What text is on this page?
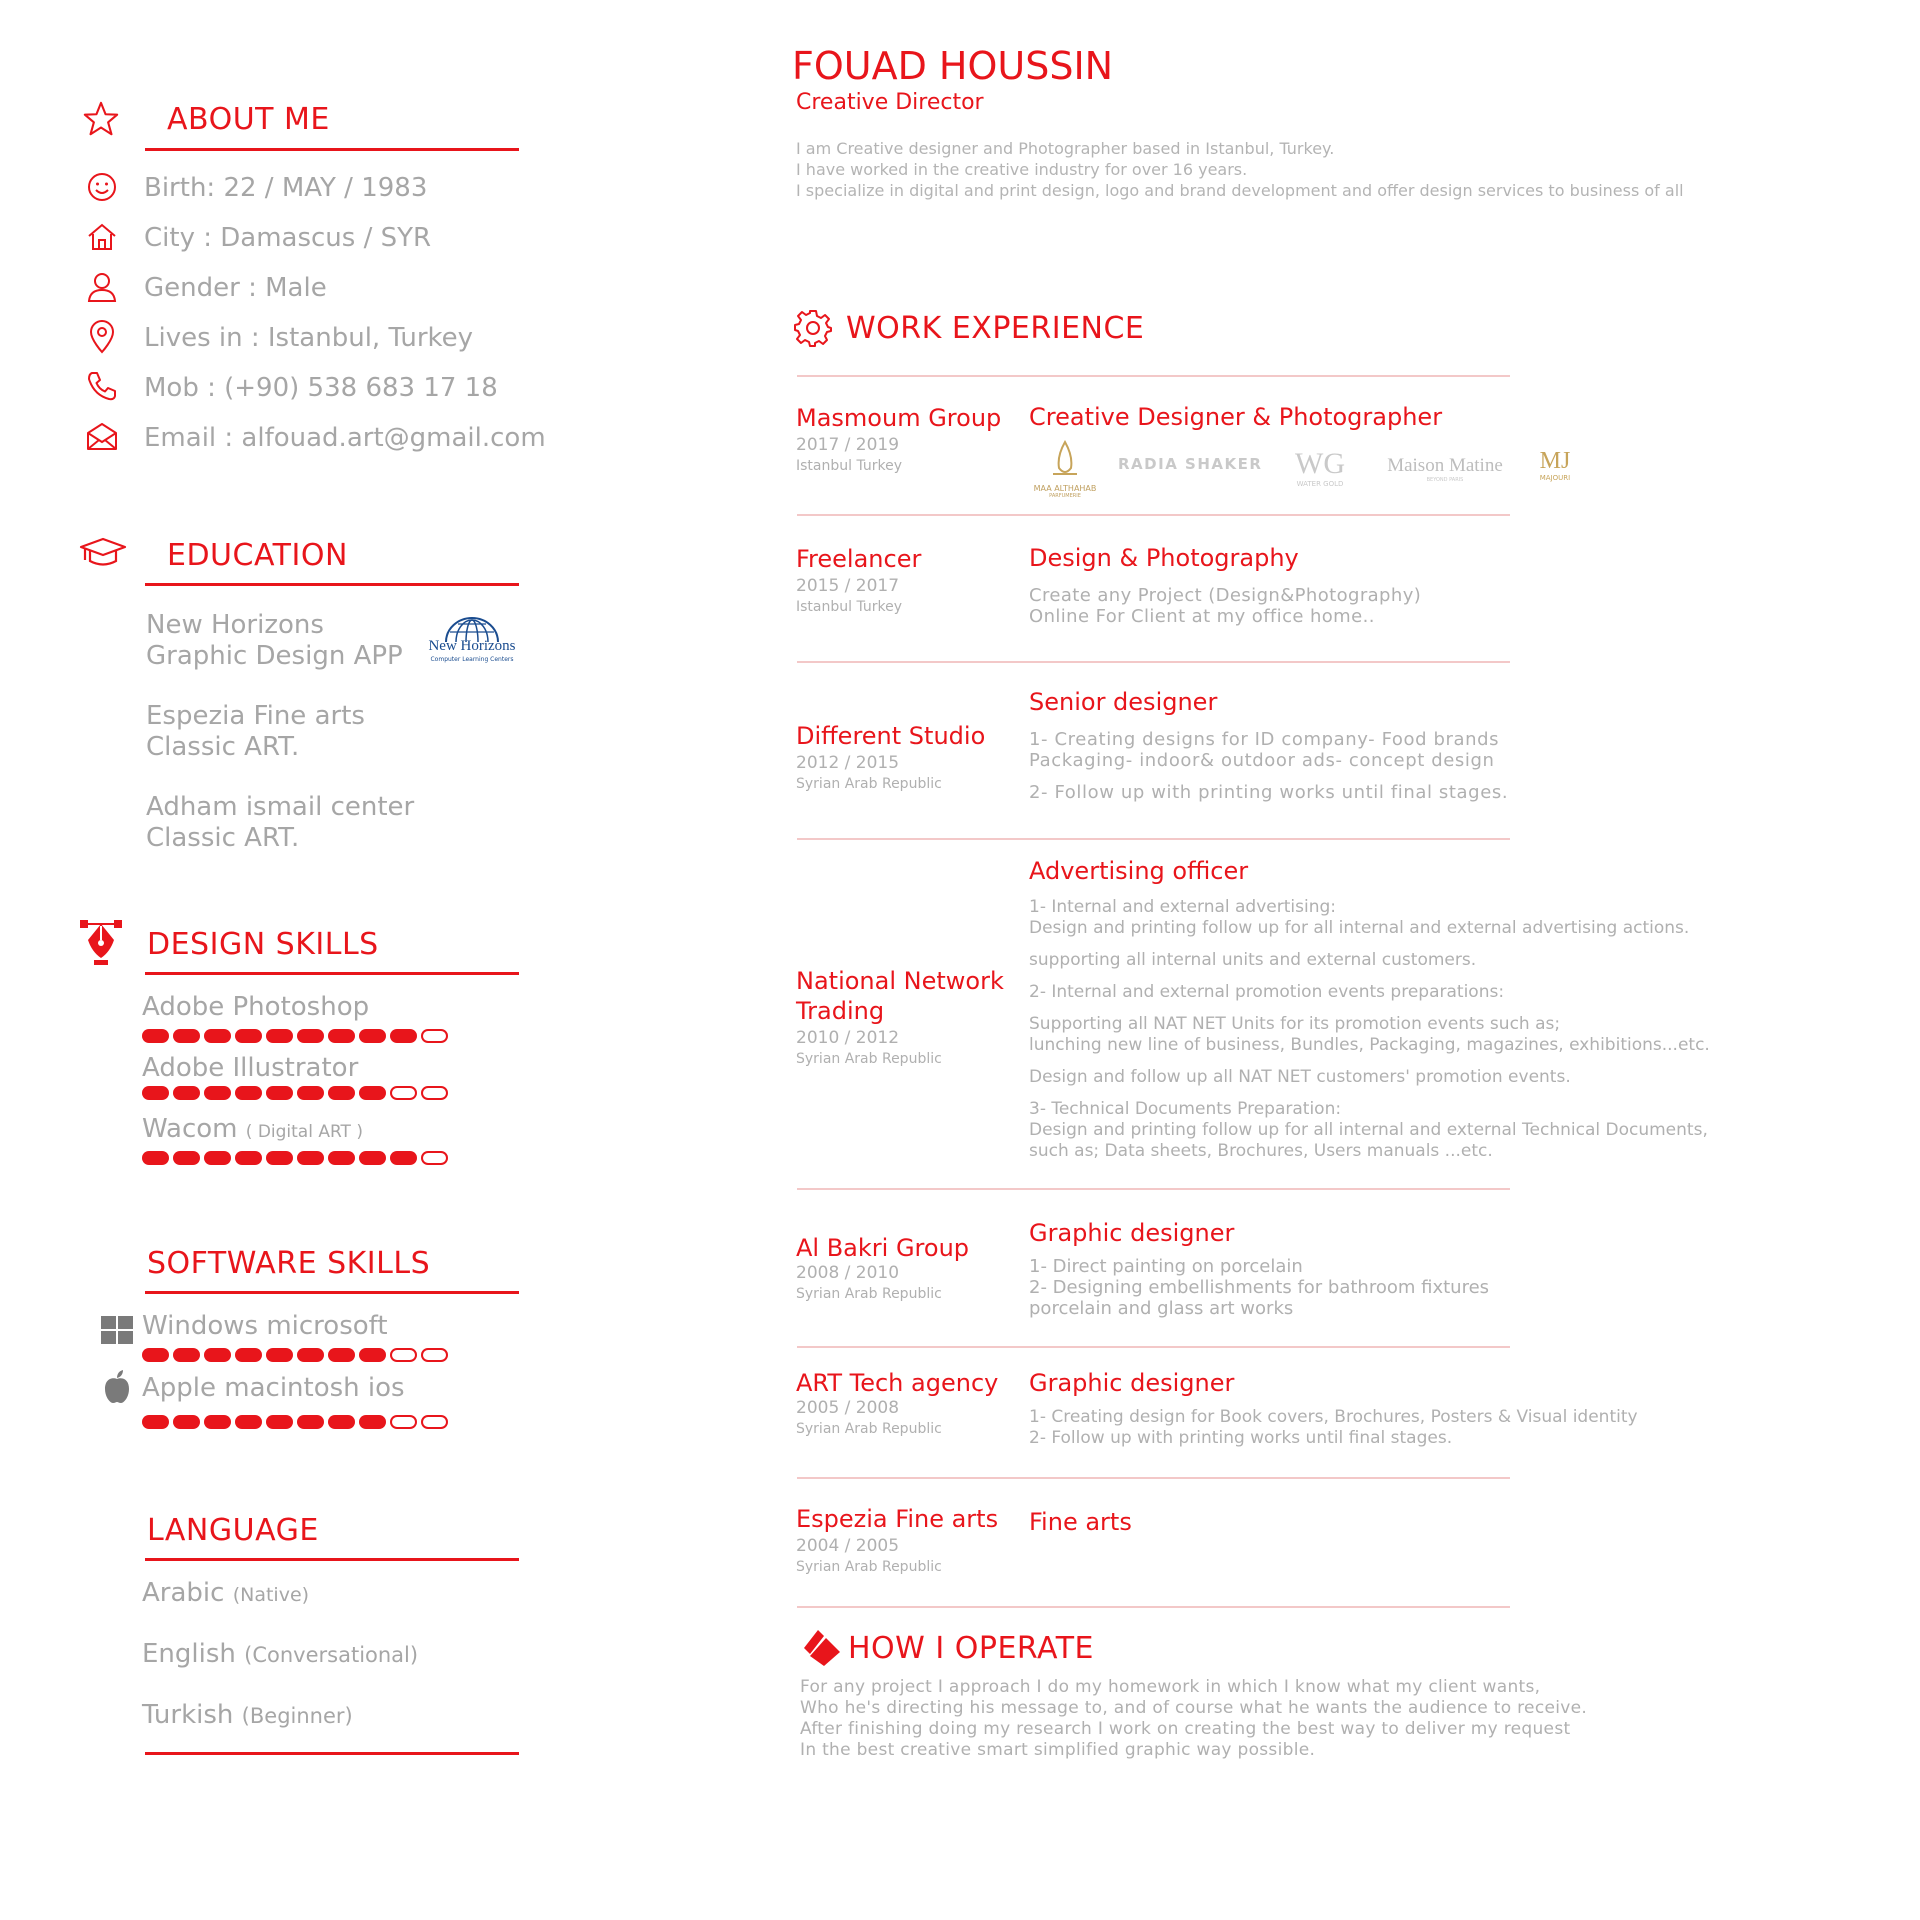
ABOUT ME
Birth: 22 / MAY / 1983
City : Damascus / SYR
Gender : Male
Lives in : Istanbul, Turkey
Mob : (+90) 538 683 17 18
Email : alfouad.art@gmail.com
EDUCATION
New Horizons
Graphic Design APP	New Horizons
Computer Learning Centers
Espezia Fine arts
Classic ART.
Adham ismail center
Classic ART.
DESIGN SKILLS
Adobe Photoshop
Adobe Illustrator
Wacom ( Digital ART )
SOFTWARE SKILLS
Windows microsoft
Apple macintosh ios
LANGUAGE
Arabic (Native)
English (Conversational)
Turkish (Beginner)
FOUAD HOUSSIN
Creative Director
I am Creative designer and Photographer based in Istanbul, Turkey.
I have worked in the creative industry for over 16 years.
I specialize in digital and print design, logo and brand development and offer design services to business of all
WORK EXPERIENCE
Masmoum Group
2017 / 2019
Istanbul Turkey
Creative Designer & Photographer
MAA ALTHAHAB
PARFUMERIE
RADIA SHAKER	WG
WATER GOLD
Maison Matine
BEYOND PARIS
MJ
MAJOURI
Freelancer
2015 / 2017
Istanbul Turkey
Design & Photography
Create any Project (Design&Photography)
Online For Client at my office home..
Senior designer
1- Creating designs for ID company- Food brands
Packaging- indoor& outdoor ads- concept design
2- Follow up with printing works until final stages.
Different Studio
2012 / 2015
Syrian Arab Republic
Advertising officer
1- Internal and external advertising:
Design and printing follow up for all internal and external advertising actions.
supporting all internal units and external customers.
2- Internal and external promotion events preparations:
Supporting all NAT NET Units for its promotion events such as;
lunching new line of business, Bundles, Packaging, magazines, exhibitions...etc.
Design and follow up all NAT NET customers' promotion events.
3- Technical Documents Preparation:
Design and printing follow up for all internal and external Technical Documents,
such as; Data sheets, Brochures, Users manuals ...etc.
National Network Trading
2010 / 2012
Syrian Arab Republic
Al Bakri Group
2008 / 2010
Syrian Arab Republic
Graphic designer
1- Direct painting on porcelain
2- Designing embellishments for bathroom fixtures
porcelain and glass art works
ART Tech agency
2005 / 2008
Syrian Arab Republic
Graphic designer
1- Creating design for Book covers, Brochures, Posters & Visual identity
2- Follow up with printing works until final stages.
Espezia Fine arts
2004 / 2005
Syrian Arab Republic
Fine arts
HOW I OPERATE
For any project I approach I do my homework in which I know what my client wants,
Who he's directing his message to, and of course what he wants the audience to receive.
After finishing doing my research I work on creating the best way to deliver my request
In the best creative smart simplified graphic way possible.
